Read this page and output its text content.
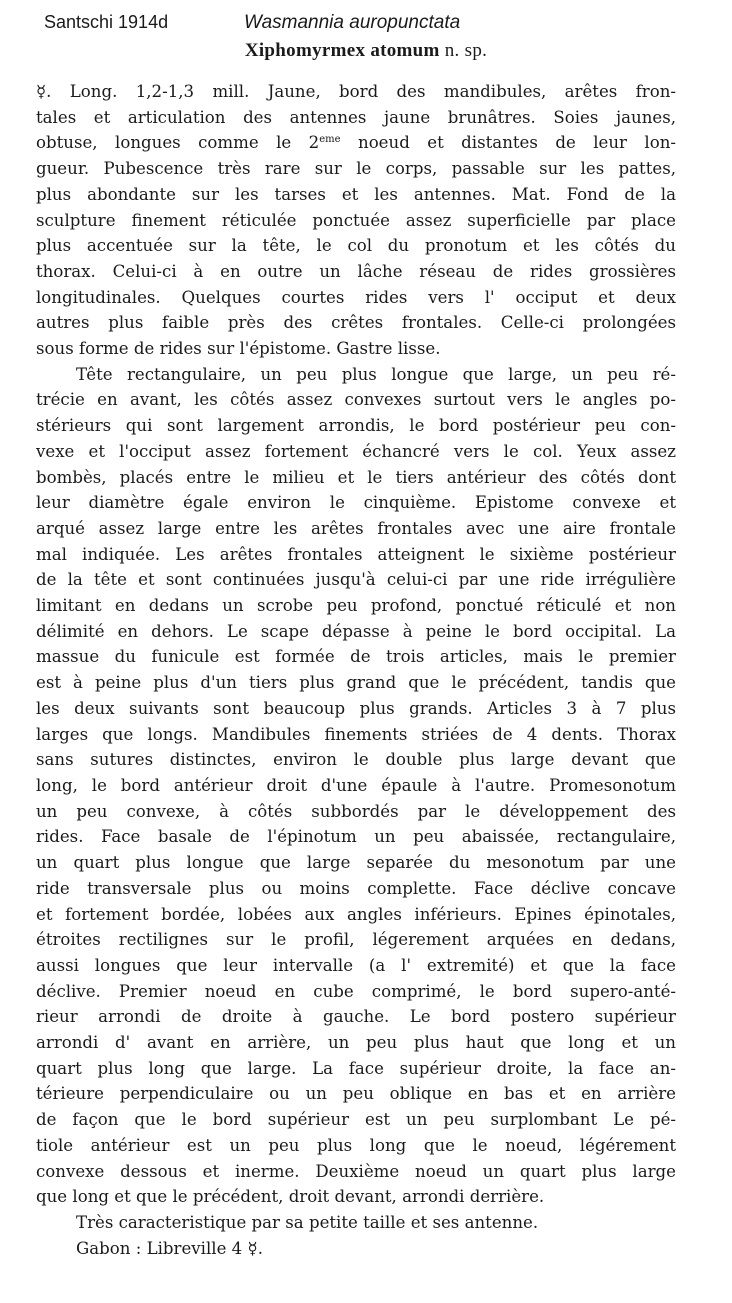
Santschi 1914d	Wasmannia auropunctata
Xiphomyrmex atomum n. sp.
☿. Long. 1,2-1,3 mill. Jaune, bord des mandibules, arêtes fron-
tales et articulation des antennes jaune brunâtres. Soies jaunes,
obtuse, longues comme le 2eme noeud et distantes de leur lon-
gueur. Pubescence très rare sur le corps, passable sur les pattes,
plus abondante sur les tarses et les antennes. Mat. Fond de la
sculpture finement réticulée ponctuée assez superficielle par place
plus accentuée sur la tête, le col du pronotum et les côtés du
thorax. Celui-ci à en outre un lâche réseau de rides grossières
longitudinales. Quelques courtes rides vers l' occiput et deux
autres plus faible près des crêtes frontales. Celle-ci prolongées
sous forme de rides sur l'épistome. Gastre lisse.
Tête rectangulaire, un peu plus longue que large, un peu ré-
trécie en avant, les côtés assez convexes surtout vers le angles po-
stérieurs qui sont largement arrondis, le bord postérieur peu con-
vexe et l'occiput assez fortement échancré vers le col. Yeux assez
bombès, placés entre le milieu et le tiers antérieur des côtés dont
leur diamètre égale environ le cinquième. Epistome convexe et
arqué assez large entre les arêtes frontales avec une aire frontale
mal indiquée. Les arêtes frontales atteignent le sixième postérieur
de la tête et sont continuées jusqu'à celui-ci par une ride irrégulière
limitant en dedans un scrobe peu profond, ponctué réticulé et non
délimité en dehors. Le scape dépasse à peine le bord occipital. La
massue du funicule est formée de trois articles, mais le premier
est à peine plus d'un tiers plus grand que le précédent, tandis que
les deux suivants sont beaucoup plus grands. Articles 3 à 7 plus
larges que longs. Mandibules finements striées de 4 dents. Thorax
sans sutures distinctes, environ le double plus large devant que
long, le bord antérieur droit d'une épaule à l'autre. Promesonotum
un peu convexe, à côtés subbordés par le développement des
rides. Face basale de l'épinotum un peu abaissée, rectangulaire,
un quart plus longue que large separée du mesonotum par une
ride transversale plus ou moins complette. Face déclive concave
et fortement bordée, lobées aux angles inférieurs. Epines épinotales,
étroites rectilignes sur le profil, légerement arquées en dedans,
aussi longues que leur intervalle (a l' extremité) et que la face
déclive. Premier noeud en cube comprimé, le bord supero-anté-
rieur arrondi de droite à gauche. Le bord postero supérieur
arrondi d' avant en arrière, un peu plus haut que long et un
quart plus long que large. La face supérieur droite, la face an-
térieure perpendiculaire ou un peu oblique en bas et en arrière
de façon que le bord supérieur est un peu surplombant Le pé-
tiole antérieur est un peu plus long que le noeud, légérement
convexe dessous et inerme. Deuxième noeud un quart plus large
que long et que le précédent, droit devant, arrondi derrière.
Très caracteristique par sa petite taille et ses antenne.
Gabon : Libreville 4 ☿.
